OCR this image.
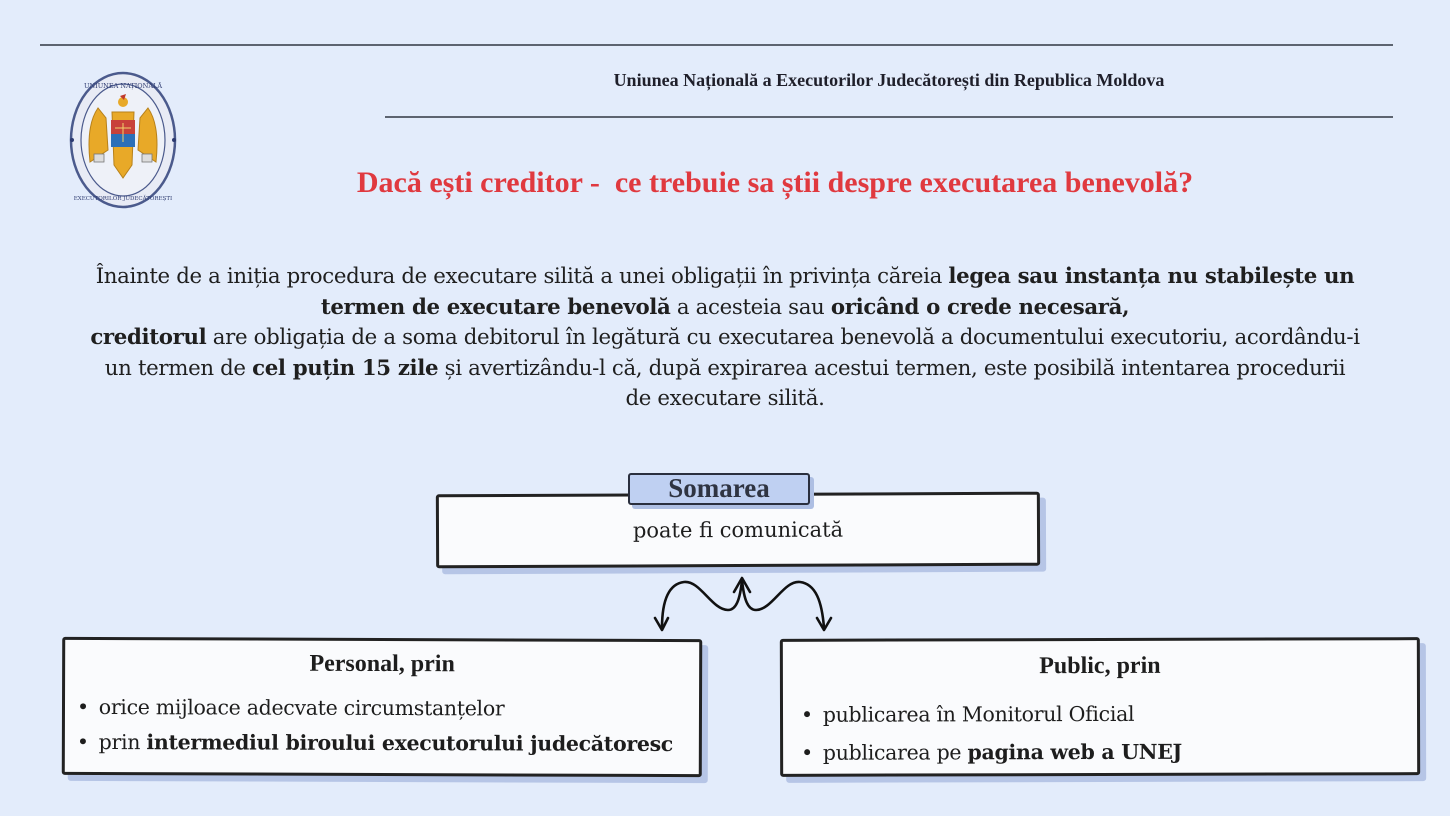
UNIUNEA NAȚIONALĂ
EXECUTORILOR JUDECĂTOREȘTI
Uniunea Națională a Executorilor Judecătorești din Republica Moldova
Dacă ești creditor -  ce trebuie sa știi despre executarea benevolă?

Înainte de a iniția procedura de executare silită a unei obligații în privința căreia legea sau instanța nu stabilește un termen de executare benevolă a acesteia sau oricând o crede necesară,
creditorul are obligația de a soma debitorul în legătură cu executarea benevolă a documentului executoriu, acordându-i un termen de cel puțin 15 zile și avertizându-l că, după expirarea acestui termen, este posibilă intentarea procedurii de executare silită.

poate fi comunicată
Somarea
Personal, prin
• orice mijloace adecvate circumstanțelor
• prin intermediul biroului executorului judecătoresc
Public, prin
• publicarea în Monitorul Oficial
• publicarea pe pagina web a UNEJ
